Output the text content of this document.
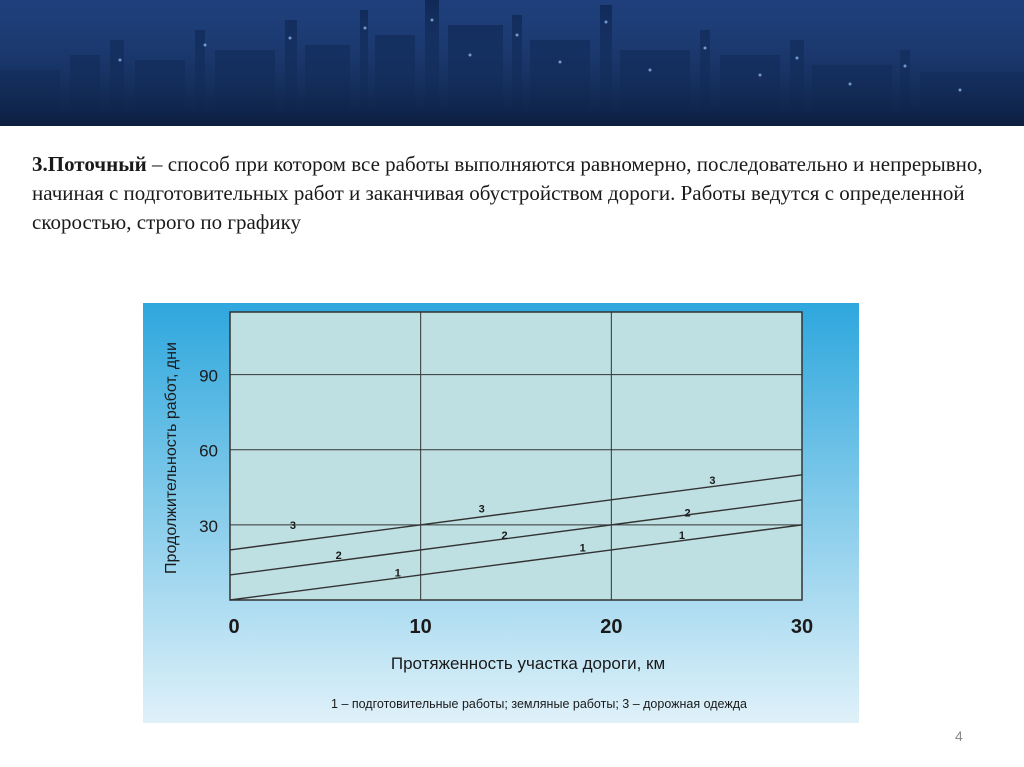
3.Поточный – способ при котором все работы выполняются равномерно, последовательно и непрерывно, начиная с подготовительных работ и заканчивая обустройством дороги. Работы ведутся с определенной скоростью, строго по графику
0	10	20	30
30
60
90
1
1
1
2
2
2
3
3
3
Протяженность участка дороги, км
Продолжительность работ, дни
1 – подготовительные работы; земляные работы; 3 – дорожная одежда
4
